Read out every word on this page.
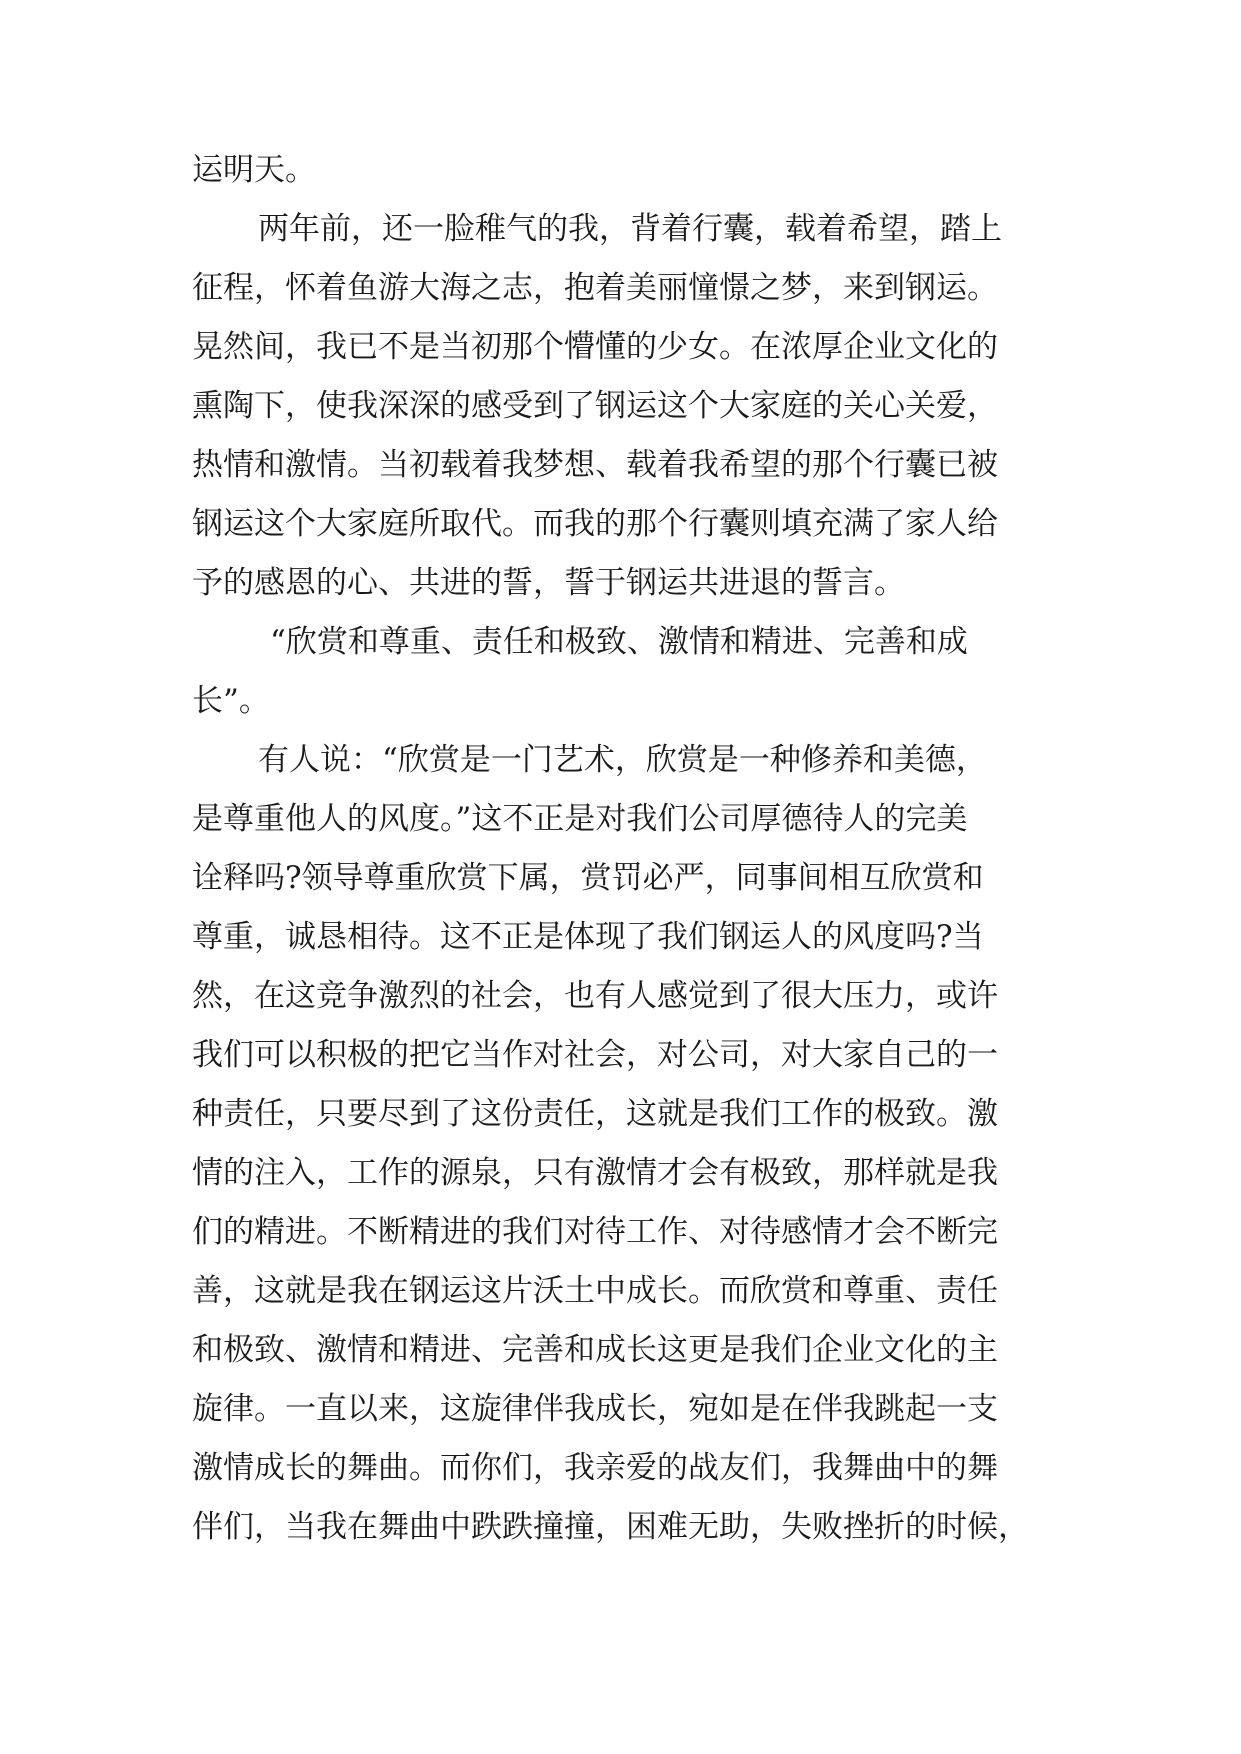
运明天。
两年前，还一脸稚气的我，背着行囊，载着希望，踏上
征程，怀着鱼游大海之志，抱着美丽憧憬之梦，来到钢运。
晃然间，我已不是当初那个懵懂的少女。在浓厚企业文化的
熏陶下，使我深深的感受到了钢运这个大家庭的关心关爱，
热情和激情。当初载着我梦想、载着我希望的那个行囊已被
钢运这个大家庭所取代。而我的那个行囊则填充满了家人给
予的感恩的心、共进的誓，誓于钢运共进退的誓言。
“欣赏和尊重、责任和极致、激情和精进、完善和成
长”。
有人说：“欣赏是一门艺术，欣赏是一种修养和美德，
是尊重他人的风度。”这不正是对我们公司厚德待人的完美
诠释吗?领导尊重欣赏下属，赏罚必严，同事间相互欣赏和
尊重，诚恳相待。这不正是体现了我们钢运人的风度吗?当
然，在这竞争激烈的社会，也有人感觉到了很大压力，或许
我们可以积极的把它当作对社会，对公司，对大家自己的一
种责任，只要尽到了这份责任，这就是我们工作的极致。激
情的注入，工作的源泉，只有激情才会有极致，那样就是我
们的精进。不断精进的我们对待工作、对待感情才会不断完
善，这就是我在钢运这片沃土中成长。而欣赏和尊重、责任
和极致、激情和精进、完善和成长这更是我们企业文化的主
旋律。一直以来，这旋律伴我成长，宛如是在伴我跳起一支
激情成长的舞曲。而你们，我亲爱的战友们，我舞曲中的舞
伴们，当我在舞曲中跌跌撞撞，困难无助，失败挫折的时候，
